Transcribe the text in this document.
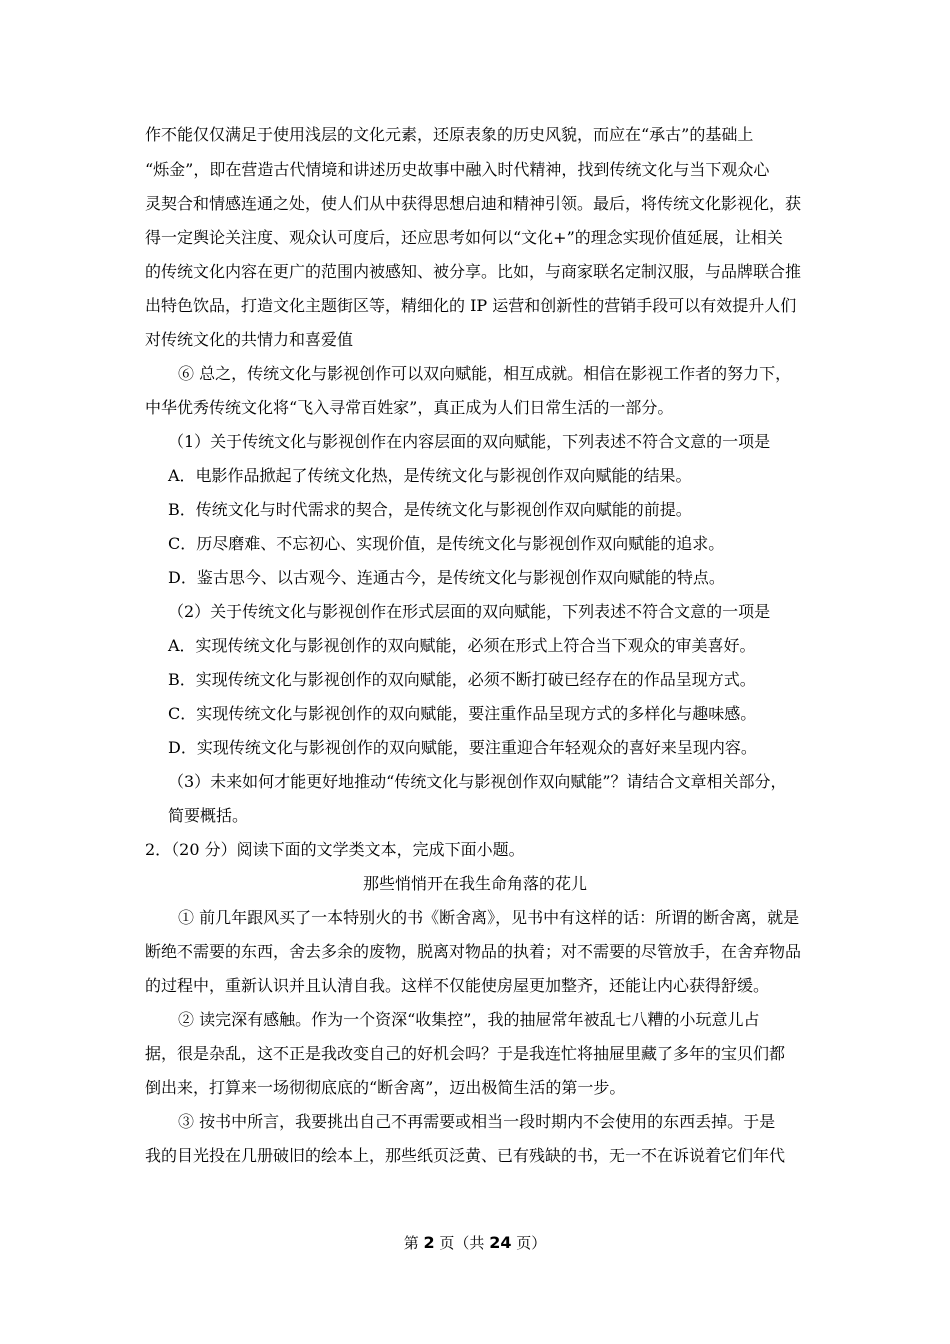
作不能仅仅满足于使用浅层的文化元素，还原表象的历史风貌，而应在“承古”的基础上
“烁金”，即在营造古代情境和讲述历史故事中融入时代精神，找到传统文化与当下观众心
灵契合和情感连通之处，使人们从中获得思想启迪和精神引领。最后，将传统文化影视化，获
得一定舆论关注度、观众认可度后，还应思考如何以“文化+”的理念实现价值延展，让相关
的传统文化内容在更广的范围内被感知、被分享。比如，与商家联名定制汉服，与品牌联合推
出特色饮品，打造文化主题街区等，精细化的 IP 运营和创新性的营销手段可以有效提升人们
对传统文化的共情力和喜爱值
⑥ 总之，传统文化与影视创作可以双向赋能，相互成就。相信在影视工作者的努力下，
中华优秀传统文化将“飞入寻常百姓家”，真正成为人们日常生活的一部分。
（1）关于传统文化与影视创作在内容层面的双向赋能，下列表述不符合文意的一项是
A．电影作品掀起了传统文化热，是传统文化与影视创作双向赋能的结果。
B．传统文化与时代需求的契合，是传统文化与影视创作双向赋能的前提。
C．历尽磨难、不忘初心、实现价值，是传统文化与影视创作双向赋能的追求。
D．鉴古思今、以古观今、连通古今，是传统文化与影视创作双向赋能的特点。
（2）关于传统文化与影视创作在形式层面的双向赋能，下列表述不符合文意的一项是
A．实现传统文化与影视创作的双向赋能，必须在形式上符合当下观众的审美喜好。
B．实现传统文化与影视创作的双向赋能，必须不断打破已经存在的作品呈现方式。
C．实现传统文化与影视创作的双向赋能，要注重作品呈现方式的多样化与趣味感。
D．实现传统文化与影视创作的双向赋能，要注重迎合年轻观众的喜好来呈现内容。
（3）未来如何才能更好地推动“传统文化与影视创作双向赋能”？请结合文章相关部分，
简要概括。
2．（20 分）阅读下面的文学类文本，完成下面小题。
那些悄悄开在我生命角落的花儿
① 前几年跟风买了一本特别火的书《断舍离》，见书中有这样的话：所谓的断舍离，就是
断绝不需要的东西，舍去多余的废物，脱离对物品的执着；对不需要的尽管放手，在舍弃物品
的过程中，重新认识并且认清自我。这样不仅能使房屋更加整齐，还能让内心获得舒缓。
② 读完深有感触。作为一个资深“收集控”，我的抽屉常年被乱七八糟的小玩意儿占
据，很是杂乱，这不正是我改变自己的好机会吗？于是我连忙将抽屉里藏了多年的宝贝们都
倒出来，打算来一场彻彻底底的“断舍离”，迈出极简生活的第一步。
③ 按书中所言，我要挑出自己不再需要或相当一段时期内不会使用的东西丢掉。于是
我的目光投在几册破旧的绘本上，那些纸页泛黄、已有残缺的书，无一不在诉说着它们年代
第 2 页（共 24 页）
